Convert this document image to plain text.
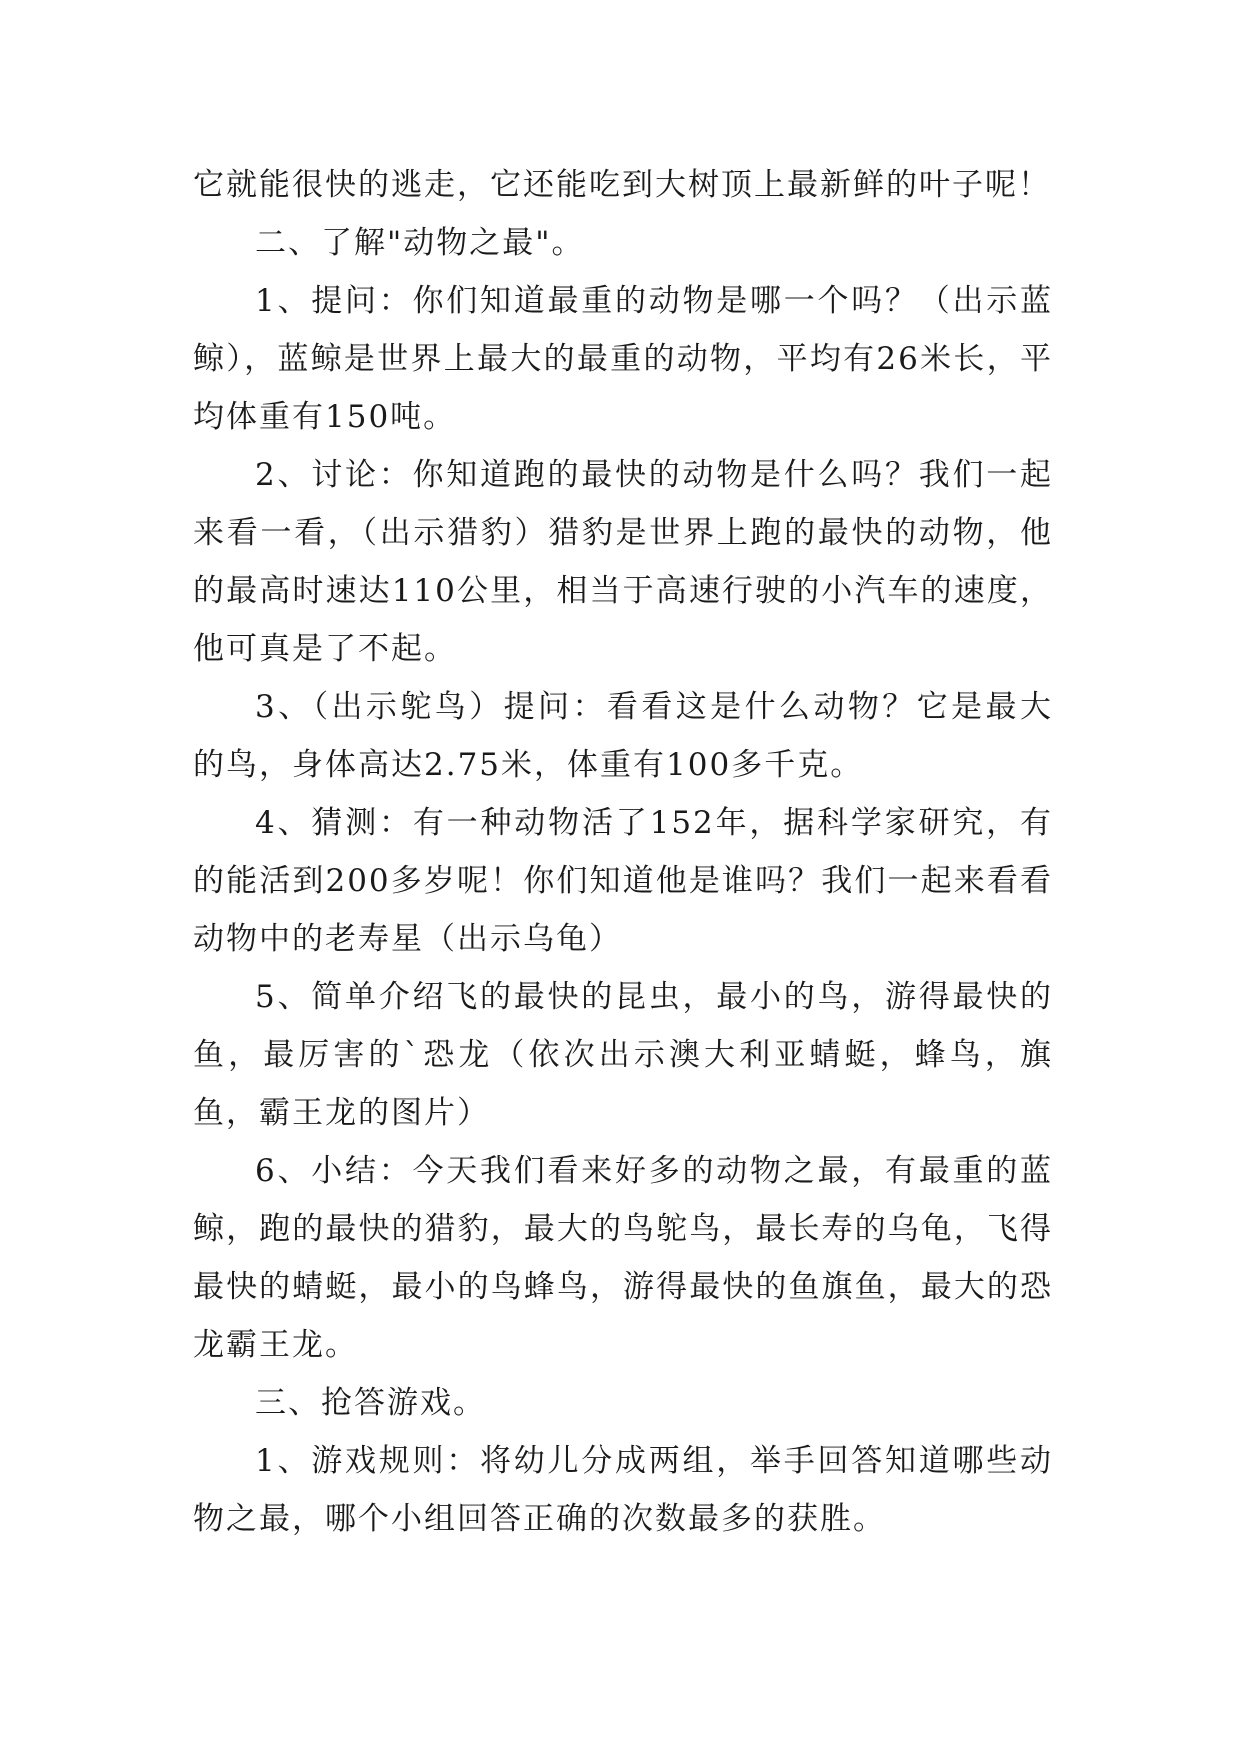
它就能很快的逃走，它还能吃到大树顶上最新鲜的叶子呢！

二、了解"动物之最"。

1、提问：你们知道最重的动物是哪一个吗？（出示蓝鲸），蓝鲸是世界上最大的最重的动物，平均有26米长，平均体重有150吨。

2、讨论：你知道跑的最快的动物是什么吗？我们一起来看一看，（出示猎豹）猎豹是世界上跑的最快的动物，他的最高时速达110公里，相当于高速行驶的小汽车的速度，他可真是了不起。

3、（出示鸵鸟）提问：看看这是什么动物？它是最大的鸟，身体高达2.75米，体重有100多千克。

4、猜测：有一种动物活了152年，据科学家研究，有的能活到200多岁呢！你们知道他是谁吗？我们一起来看看动物中的老寿星（出示乌龟）

5、简单介绍飞的最快的昆虫，最小的鸟，游得最快的鱼，最厉害的`恐龙（依次出示澳大利亚蜻蜓，蜂鸟，旗鱼，霸王龙的图片）

6、小结：今天我们看来好多的动物之最，有最重的蓝鲸，跑的最快的猎豹，最大的鸟鸵鸟，最长寿的乌龟，飞得最快的蜻蜓，最小的鸟蜂鸟，游得最快的鱼旗鱼，最大的恐龙霸王龙。

三、抢答游戏。

1、游戏规则：将幼儿分成两组，举手回答知道哪些动物之最，哪个小组回答正确的次数最多的获胜。
